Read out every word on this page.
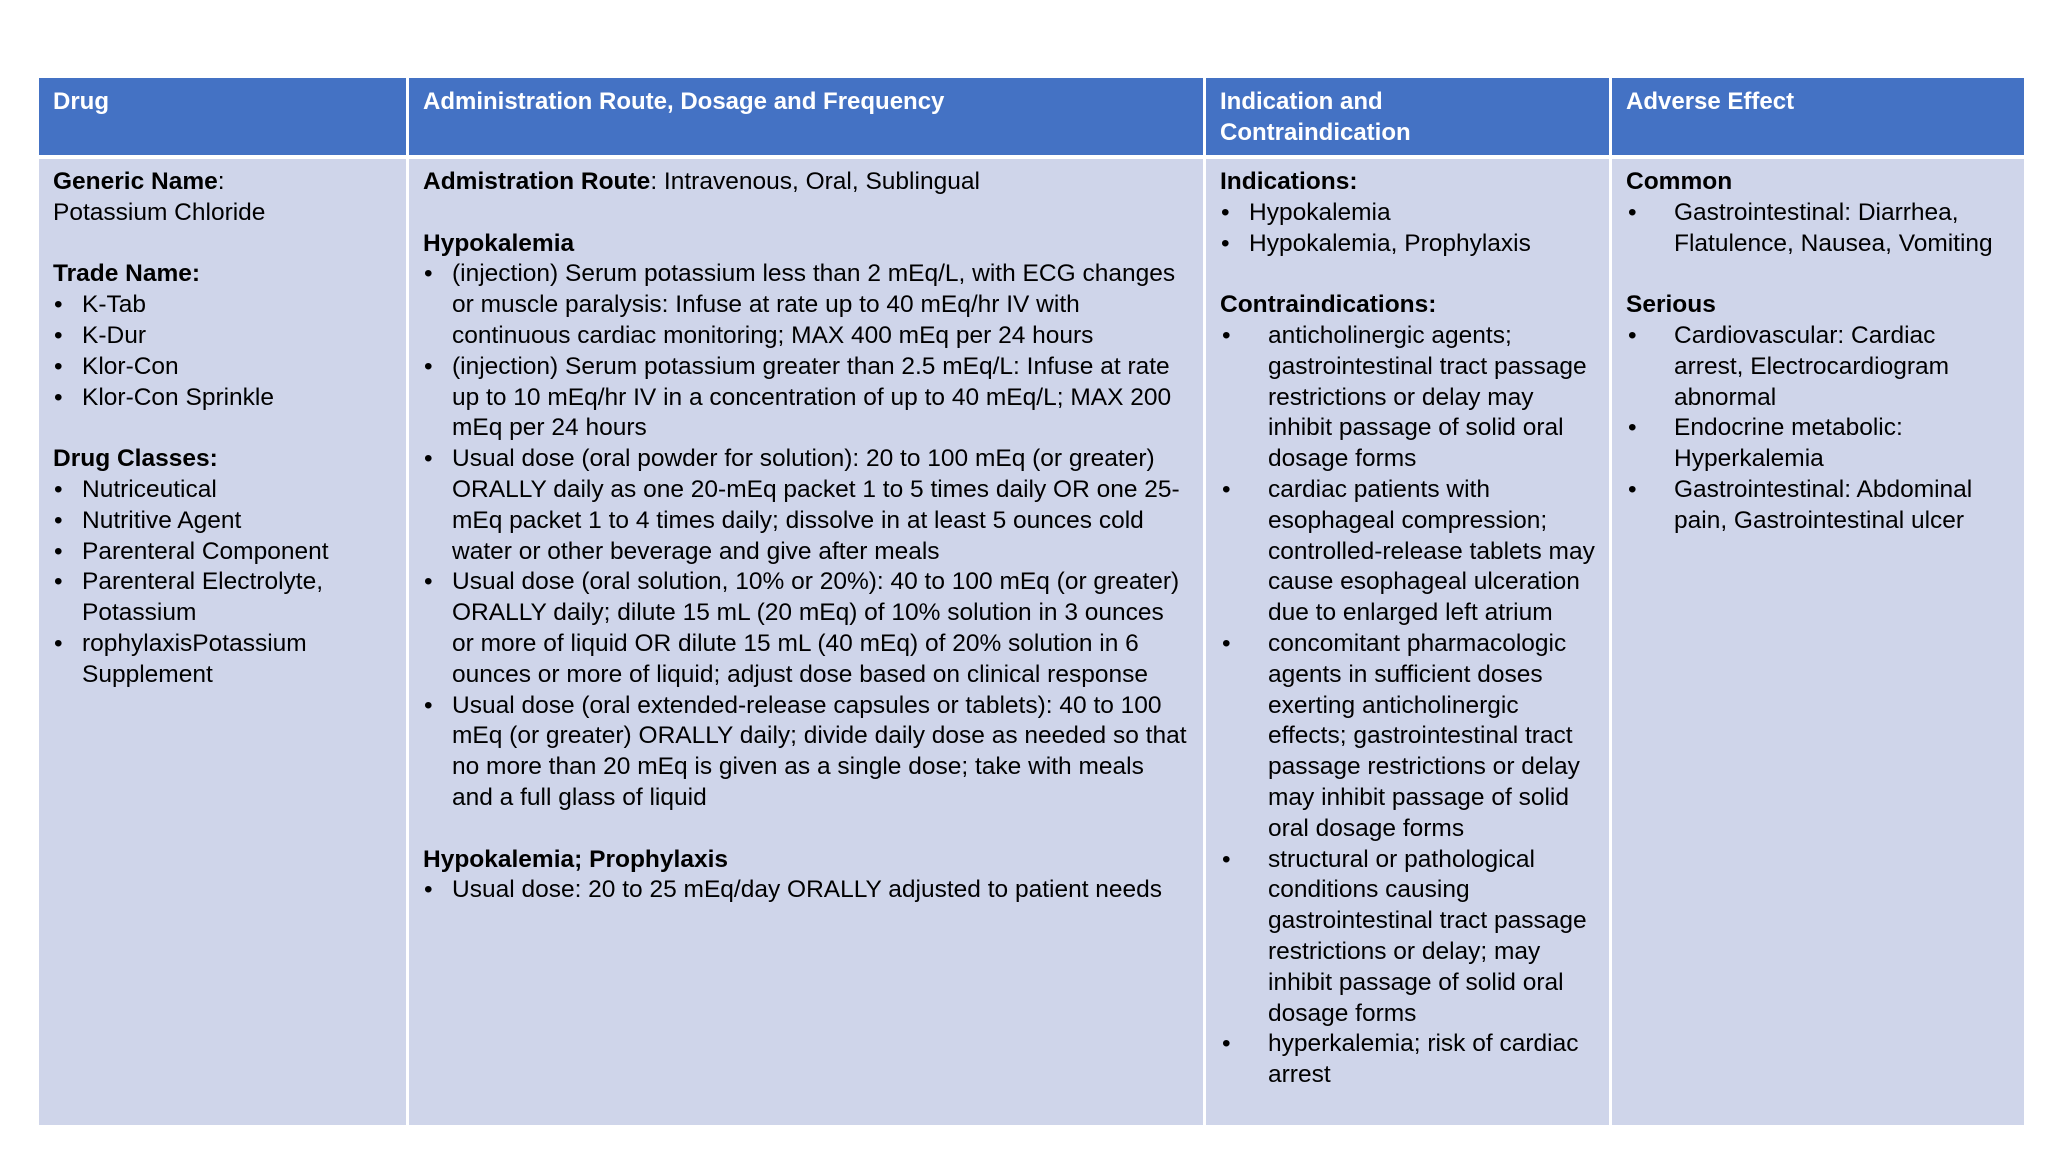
Drug	Administration Route, Dosage and Frequency	Indication and
Contraindication
Adverse Effect
Generic Name:
Potassium Chloride
Trade Name:
• K-Tab
• K-Dur
• Klor-Con
• Klor-Con Sprinkle
Drug Classes:
• Nutriceutical
• Nutritive Agent
• Parenteral Component
• Parenteral Electrolyte, Potassium
• rophylaxisPotassium Supplement
Admistration Route: Intravenous, Oral, Sublingual
Hypokalemia
• (injection) Serum potassium less than 2 mEq/L, with ECG changes or muscle paralysis: Infuse at rate up to 40 mEq/hr IV with continuous cardiac monitoring; MAX 400 mEq per 24 hours
• (injection) Serum potassium greater than 2.5 mEq/L: Infuse at rate up to 10 mEq/hr IV in a concentration of up to 40 mEq/L; MAX 200 mEq per 24 hours
• Usual dose (oral powder for solution): 20 to 100 mEq (or greater) ORALLY daily as one 20-mEq packet 1 to 5 times daily OR one 25-mEq packet 1 to 4 times daily; dissolve in at least 5 ounces cold water or other beverage and give after meals
• Usual dose (oral solution, 10% or 20%): 40 to 100 mEq (or greater) ORALLY daily; dilute 15 mL (20 mEq) of 10% solution in 3 ounces or more of liquid OR dilute 15 mL (40 mEq) of 20% solution in 6 ounces or more of liquid; adjust dose based on clinical response
• Usual dose (oral extended-release capsules or tablets): 40 to 100 mEq (or greater) ORALLY daily; divide daily dose as needed so that no more than 20 mEq is given as a single dose; take with meals and a full glass of liquid
Hypokalemia; Prophylaxis
• Usual dose: 20 to 25 mEq/day ORALLY adjusted to patient needs
Indications:
• Hypokalemia
• Hypokalemia, Prophylaxis
Contraindications:
• anticholinergic agents; gastrointestinal tract passage restrictions or delay may inhibit passage of solid oral dosage forms
• cardiac patients with esophageal compression; controlled-release tablets may cause esophageal ulceration due to enlarged left atrium
• concomitant pharmacologic agents in sufficient doses exerting anticholinergic effects; gastrointestinal tract passage restrictions or delay may inhibit passage of solid oral dosage forms
• structural or pathological conditions causing gastrointestinal tract passage restrictions or delay; may inhibit passage of solid oral dosage forms
• hyperkalemia; risk of cardiac arrest
Common
• Gastrointestinal: Diarrhea, Flatulence, Nausea, Vomiting
Serious
• Cardiovascular: Cardiac arrest, Electrocardiogram abnormal
• Endocrine metabolic: Hyperkalemia
• Gastrointestinal: Abdominal pain, Gastrointestinal ulcer
